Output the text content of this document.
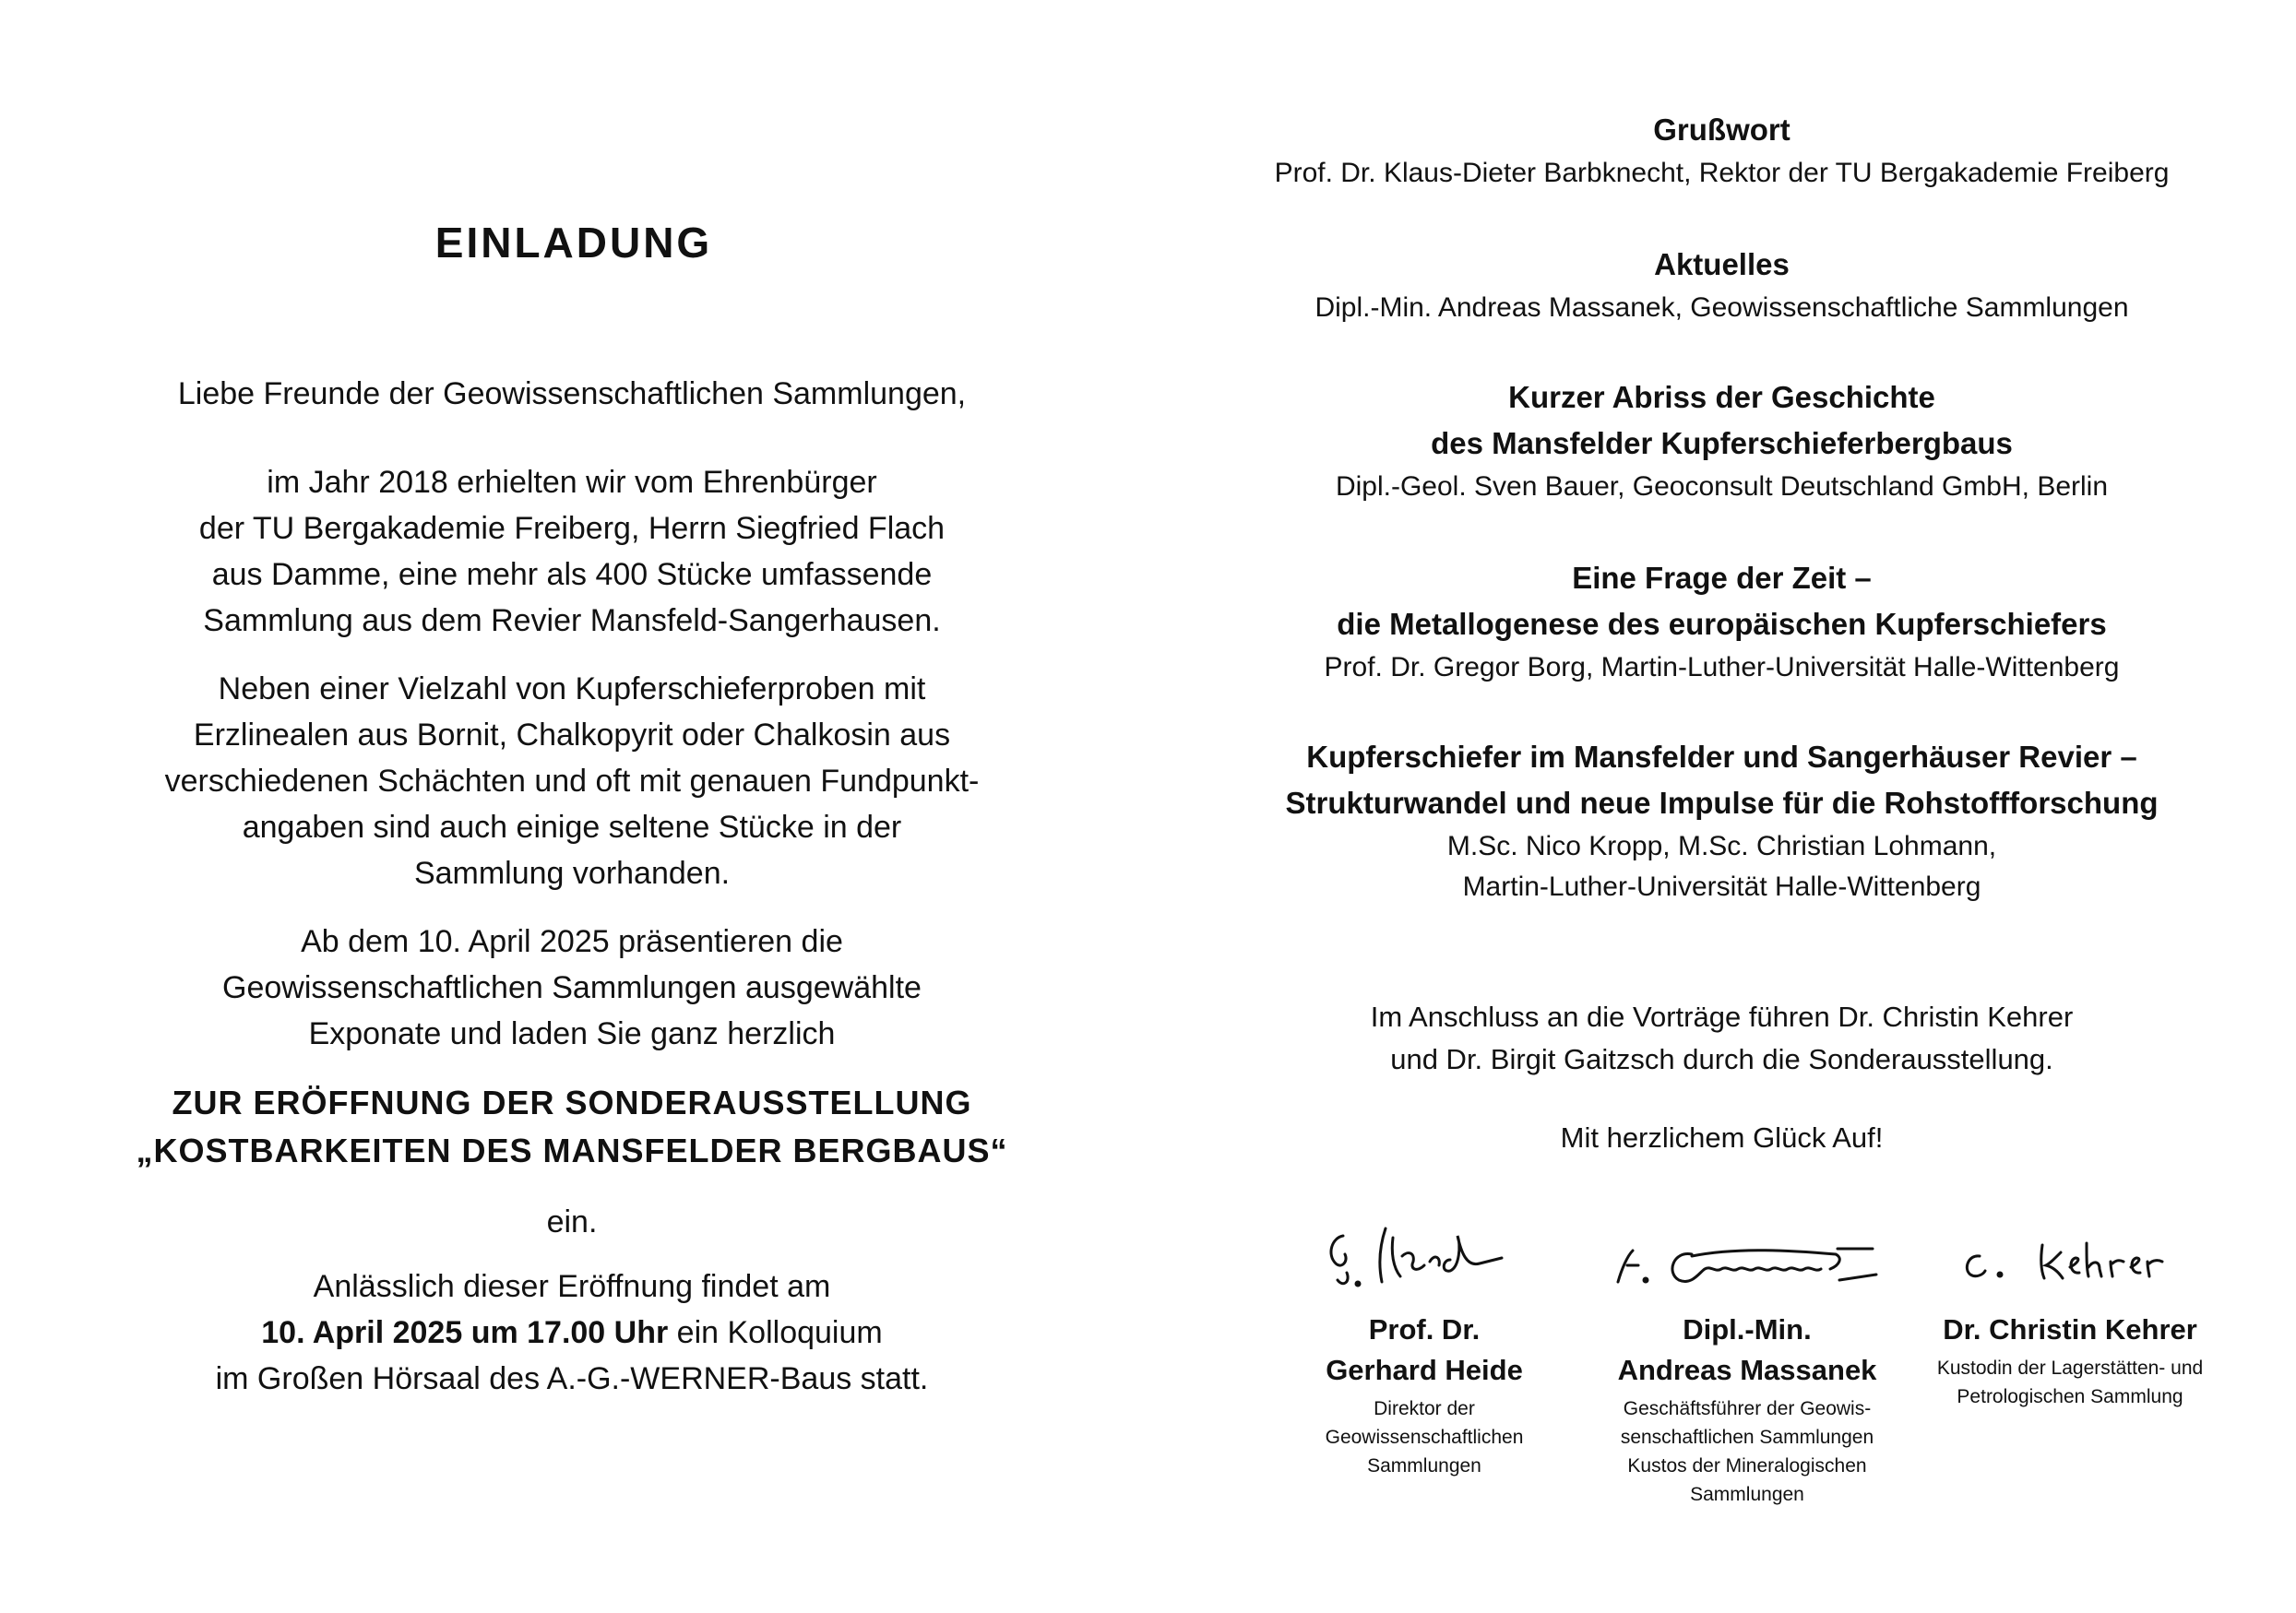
EINLADUNG
Liebe Freunde der Geowissenschaftlichen Sammlungen,
im Jahr 2018 erhielten wir vom Ehrenbürger
der TU Bergakademie Freiberg, Herrn Siegfried Flach
aus Damme, eine mehr als 400 Stücke umfassende
Sammlung aus dem Revier Mansfeld-Sangerhausen.
Neben einer Vielzahl von Kupferschieferproben mit
Erzlinealen aus Bornit, Chalkopyrit oder Chalkosin aus
verschiedenen Schächten und oft mit genauen Fundpunkt-
angaben sind auch einige seltene Stücke in der
Sammlung vorhanden.
Ab dem 10. April 2025 präsentieren die
Geowissenschaftlichen Sammlungen ausgewählte
Exponate und laden Sie ganz herzlich
ZUR ERÖFFNUNG DER SONDERAUSSTELLUNG
„KOSTBARKEITEN DES MANSFELDER BERGBAUS“
ein.
Anlässlich dieser Eröffnung findet am
10. April 2025 um 17.00 Uhr ein Kolloquium
im Großen Hörsaal des A.-G.-WERNER-Baus statt.
Grußwort
Prof. Dr. Klaus-Dieter Barbknecht, Rektor der TU Bergakademie Freiberg
Aktuelles
Dipl.-Min. Andreas Massanek, Geowissenschaftliche Sammlungen
Kurzer Abriss der Geschichte
des Mansfelder Kupferschieferbergbaus
Dipl.-Geol. Sven Bauer, Geoconsult Deutschland GmbH, Berlin
Eine Frage der Zeit –
die Metallogenese des europäischen Kupferschiefers
Prof. Dr. Gregor Borg, Martin-Luther-Universität Halle-Wittenberg
Kupferschiefer im Mansfelder und Sangerhäuser Revier –
Strukturwandel und neue Impulse für die Rohstoffforschung
M.Sc. Nico Kropp, M.Sc. Christian Lohmann,
Martin-Luther-Universität Halle-Wittenberg
Im Anschluss an die Vorträge führen Dr. Christin Kehrer
und Dr. Birgit Gaitzsch durch die Sonderausstellung.
Mit herzlichem Glück Auf!
Prof. Dr.
Gerhard Heide
Direktor der
Geowissenschaftlichen
Sammlungen
Dipl.-Min.
Andreas Massanek
Geschäftsführer der Geowis-
senschaftlichen Sammlungen
Kustos der Mineralogischen
Sammlungen
Dr. Christin Kehrer
Kustodin der Lagerstätten- und
Petrologischen Sammlung
